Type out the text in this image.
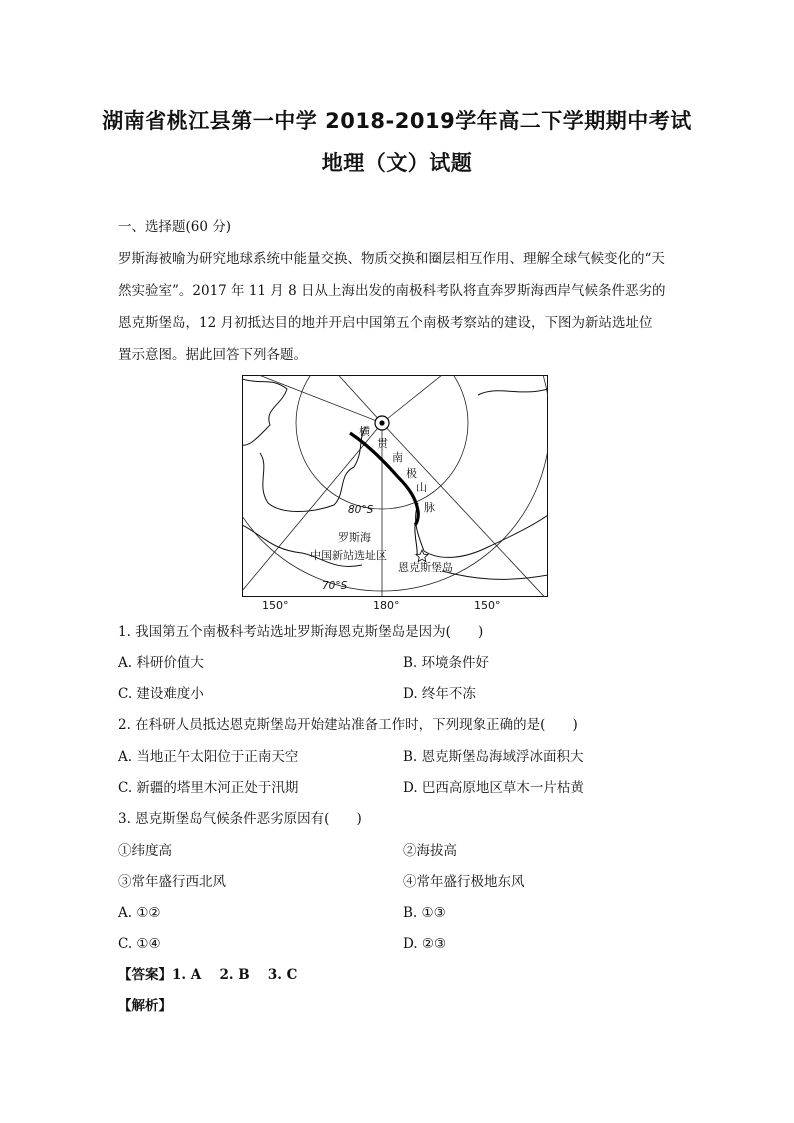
湖南省桃江县第一中学 2018-2019学年高二下学期期中考试
地理（文）试题
一、选择题(60 分)
罗斯海被喻为研究地球系统中能量交换、物质交换和圈层相互作用、理解全球气候变化的“天
然实验室”。2017 年 11 月 8 日从上海出发的南极科考队将直奔罗斯海西岸气候条件恶劣的
恩克斯堡岛，12 月初抵达目的地并开启中国第五个南极考察站的建设，下图为新站选址位
置示意图。据此回答下列各题。
横
贯
南
极
山
脉
80°S
70°S
罗斯海
中国新站选址区
恩克斯堡岛
150°	180°	150°
1. 我国第五个南极科考站选址罗斯海恩克斯堡岛是因为(　　)
A. 科研价值大	B. 环境条件好
C. 建设难度小	D. 终年不冻
2. 在科研人员抵达恩克斯堡岛开始建站准备工作时，下列现象正确的是(　　)
A. 当地正午太阳位于正南天空	B. 恩克斯堡岛海域浮冰面积大
C. 新疆的塔里木河正处于汛期	D. 巴西高原地区草木一片枯黄
3. 恩克斯堡岛气候条件恶劣原因有(　　)
①纬度高	②海拔高
③常年盛行西北风	④常年盛行极地东风
A. ①②	B. ①③
C. ①④	D. ②③
【答案】1. A　 2. B　 3. C
【解析】
